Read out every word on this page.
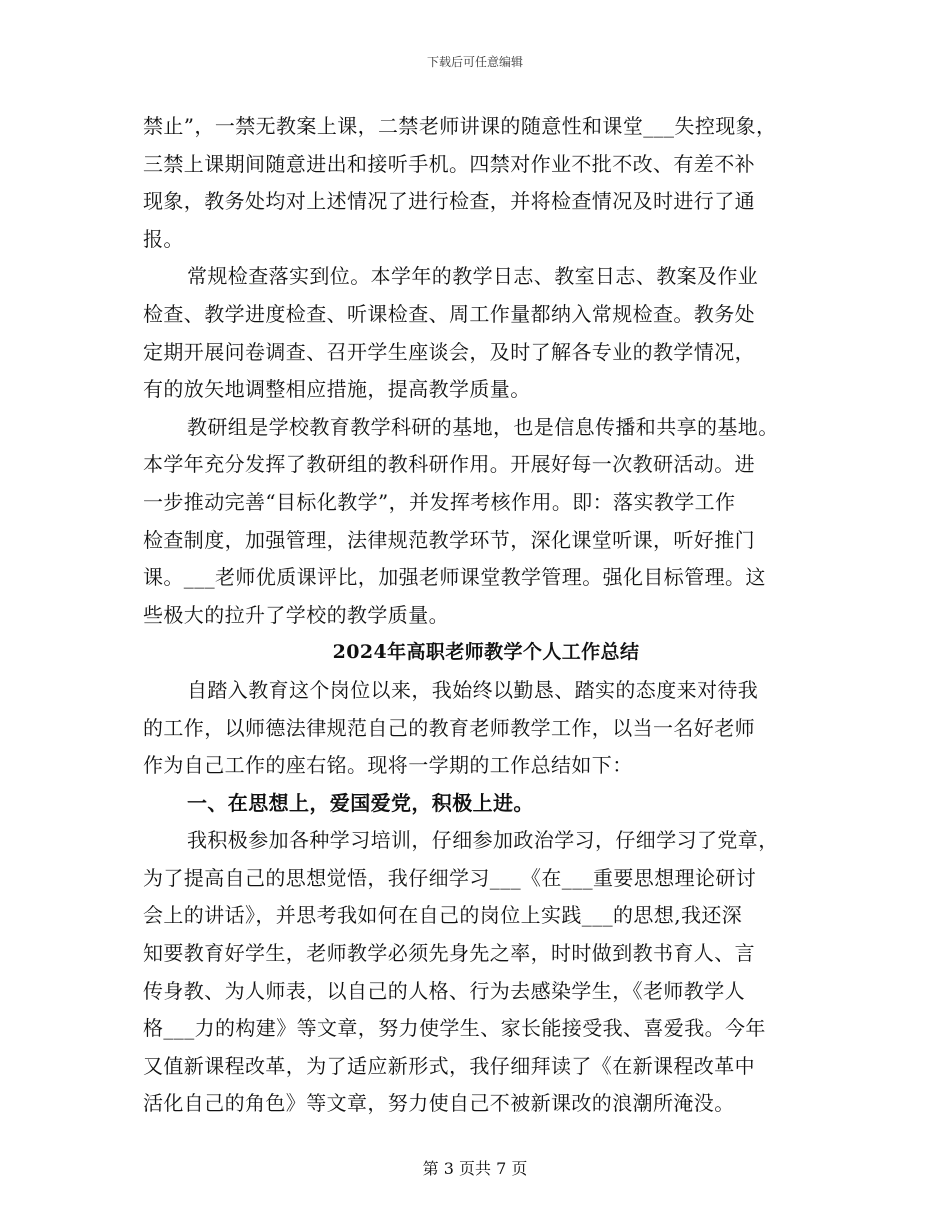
下载后可任意编辑
禁止”，一禁无教案上课，二禁老师讲课的随意性和课堂___失控现象，
三禁上课期间随意进出和接听手机。四禁对作业不批不改、有差不补
现象，教务处均对上述情况了进行检查，并将检查情况及时进行了通
报。
常规检查落实到位。本学年的教学日志、教室日志、教案及作业
检查、教学进度检查、听课检查、周工作量都纳入常规检查。教务处
定期开展问卷调查、召开学生座谈会，及时了解各专业的教学情况，
有的放矢地调整相应措施，提高教学质量。
教研组是学校教育教学科研的基地，也是信息传播和共享的基地。
本学年充分发挥了教研组的教科研作用。开展好每一次教研活动。进
一步推动完善“目标化教学”，并发挥考核作用。即：落实教学工作
检查制度，加强管理，法律规范教学环节，深化课堂听课，听好推门
课。___老师优质课评比，加强老师课堂教学管理。强化目标管理。这
些极大的拉升了学校的教学质量。
2024年高职老师教学个人工作总结
自踏入教育这个岗位以来，我始终以勤恳、踏实的态度来对待我
的工作，以师德法律规范自己的教育老师教学工作，以当一名好老师
作为自己工作的座右铭。现将一学期的工作总结如下：
一、在思想上，爱国爱党，积极上进。
我积极参加各种学习培训，仔细参加政治学习，仔细学习了党章，
为了提高自己的思想觉悟，我仔细学习___《在___重要思想理论研讨
会上的讲话》，并思考我如何在自己的岗位上实践___的思想,我还深
知要教育好学生，老师教学必须先身先之率，时时做到教书育人、言
传身教、为人师表，以自己的人格、行为去感染学生，《老师教学人
格___力的构建》等文章，努力使学生、家长能接受我、喜爱我。今年
又值新课程改革，为了适应新形式，我仔细拜读了《在新课程改革中
活化自己的角色》等文章，努力使自己不被新课改的浪潮所淹没。
第 3 页共 7 页
